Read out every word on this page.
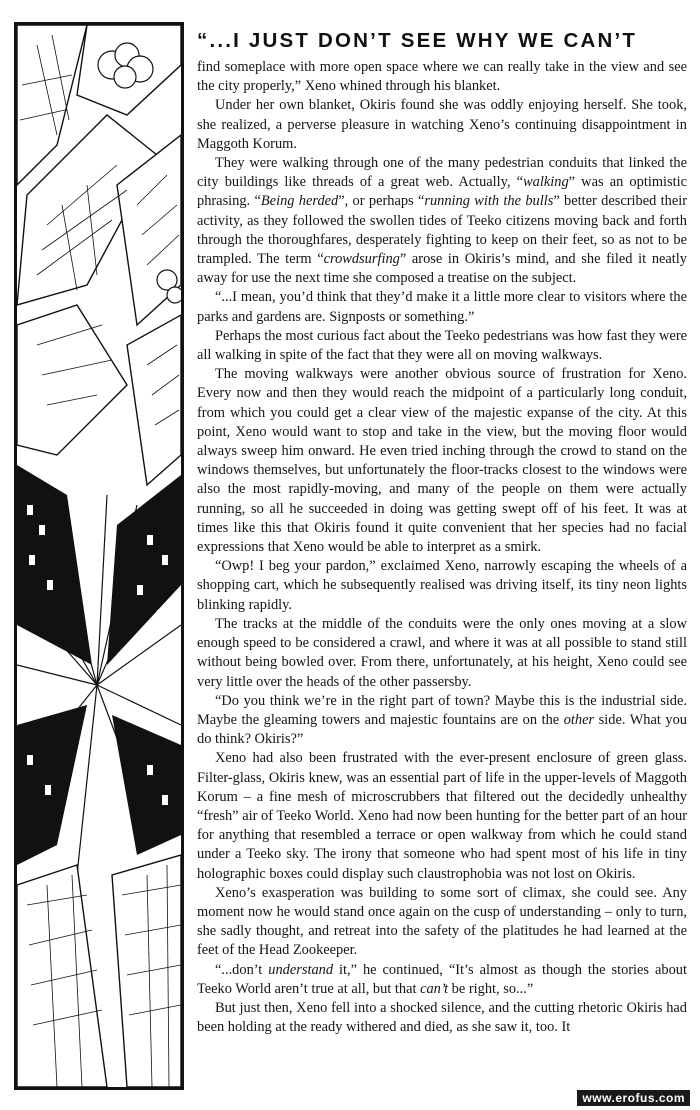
“...I JUST DON’T SEE WHY WE CAN’T

find someplace with more open space where we can really take in the view and see the city properly,” Xeno whined through his blanket.

Under her own blanket, Okiris found she was oddly enjoying herself. She took, she realized, a perverse pleasure in watching Xeno’s continuing disappointment in Maggoth Korum.

They were walking through one of the many pedestrian conduits that linked the city buildings like threads of a great web. Actually, “walking” was an optimistic phrasing. “Being herded”, or perhaps “running with the bulls” better described their activity, as they followed the swollen tides of Teeko citizens moving back and forth through the thoroughfares, desperately fighting to keep on their feet, so as not to be trampled. The term “crowdsurfing” arose in Okiris’s mind, and she filed it neatly away for use the next time she composed a treatise on the subject.

“...I mean, you’d think that they’d make it a little more clear to visitors where the parks and gardens are. Signposts or something.”

Perhaps the most curious fact about the Teeko pedestrians was how fast they were all walking in spite of the fact that they were all on moving walkways.

The moving walkways were another obvious source of frustration for Xeno. Every now and then they would reach the midpoint of a particularly long conduit, from which you could get a clear view of the majestic expanse of the city. At this point, Xeno would want to stop and take in the view, but the moving floor would always sweep him onward. He even tried inching through the crowd to stand on the windows themselves, but unfortunately the floor-tracks closest to the windows were also the most rapidly-moving, and many of the people on them were actually running, so all he succeeded in doing was getting swept off of his feet. It was at times like this that Okiris found it quite convenient that her species had no facial expressions that Xeno would be able to interpret as a smirk.

“Owp! I beg your pardon,” exclaimed Xeno, narrowly escaping the wheels of a shopping cart, which he subsequently realised was driving itself, its tiny neon lights blinking rapidly.

The tracks at the middle of the conduits were the only ones moving at a slow enough speed to be considered a crawl, and where it was at all possible to stand still without being bowled over. From there, unfortunately, at his height, Xeno could see very little over the heads of the other passersby.

“Do you think we’re in the right part of town? Maybe this is the industrial side. Maybe the gleaming towers and majestic fountains are on the other side. What you do think? Okiris?”

Xeno had also been frustrated with the ever-present enclosure of green glass. Filter-glass, Okiris knew, was an essential part of life in the upper-levels of Maggoth Korum – a fine mesh of microscrubbers that filtered out the decidedly unhealthy “fresh” air of Teeko World. Xeno had now been hunting for the better part of an hour for anything that resembled a terrace or open walkway from which he could stand under a Teeko sky. The irony that someone who had spent most of his life in tiny holographic boxes could display such claustrophobia was not lost on Okiris.

Xeno’s exasperation was building to some sort of climax, she could see. Any moment now he would stand once again on the cusp of understanding – only to turn, she sadly thought, and retreat into the safety of the platitudes he had learned at the feet of the Head Zookeeper.

“...don’t understand it,” he continued, “It’s almost as though the stories about Teeko World aren’t true at all, but that can’t be right, so...”

But just then, Xeno fell into a shocked silence, and the cutting rhetoric Okiris had been holding at the ready withered and died, as she saw it, too. It

www.erofus.com
